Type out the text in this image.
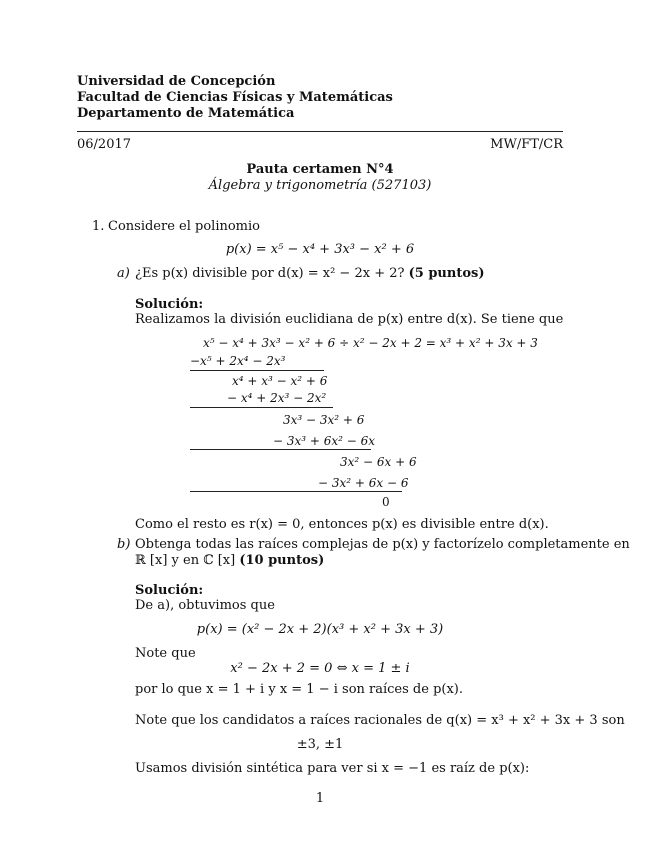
Universidad de Concepción
Facultad de Ciencias Físicas y Matemáticas
Departamento de Matemática
06/2017	MW/FT/CR
Pauta certamen N°4
Álgebra y trigonometría (527103)
1. Considere el polinomio
p(x) = x⁵ − x⁴ + 3x³ − x² + 6
a) ¿Es p(x) divisible por d(x) = x² − 2x + 2? (5 puntos)
Solución:
Realizamos la división euclidiana de p(x) entre d(x). Se tiene que
x⁵ − x⁴ + 3x³ − x² + 6 ÷ x² − 2x + 2 = x³ + x² + 3x + 3
−x⁵ + 2x⁴ − 2x³
x⁴ + x³ − x² + 6
− x⁴ + 2x³ − 2x²
3x³ − 3x² + 6
− 3x³ + 6x² − 6x
3x² − 6x + 6
− 3x² + 6x − 6
0
Como el resto es r(x) = 0, entonces p(x) es divisible entre d(x).
b) Obtenga todas las raíces complejas de p(x) y factorízelo completamente en
ℝ [x] y en ℂ [x] (10 puntos)
Solución:
De a), obtuvimos que
p(x) = (x² − 2x + 2)(x³ + x² + 3x + 3)
Note que
x² − 2x + 2 = 0 ⇔ x = 1 ± i
por lo que x = 1 + i y x = 1 − i son raíces de p(x).
Note que los candidatos a raíces racionales de q(x) = x³ + x² + 3x + 3 son
±3, ±1
Usamos división sintética para ver si x = −1 es raíz de p(x):
1
